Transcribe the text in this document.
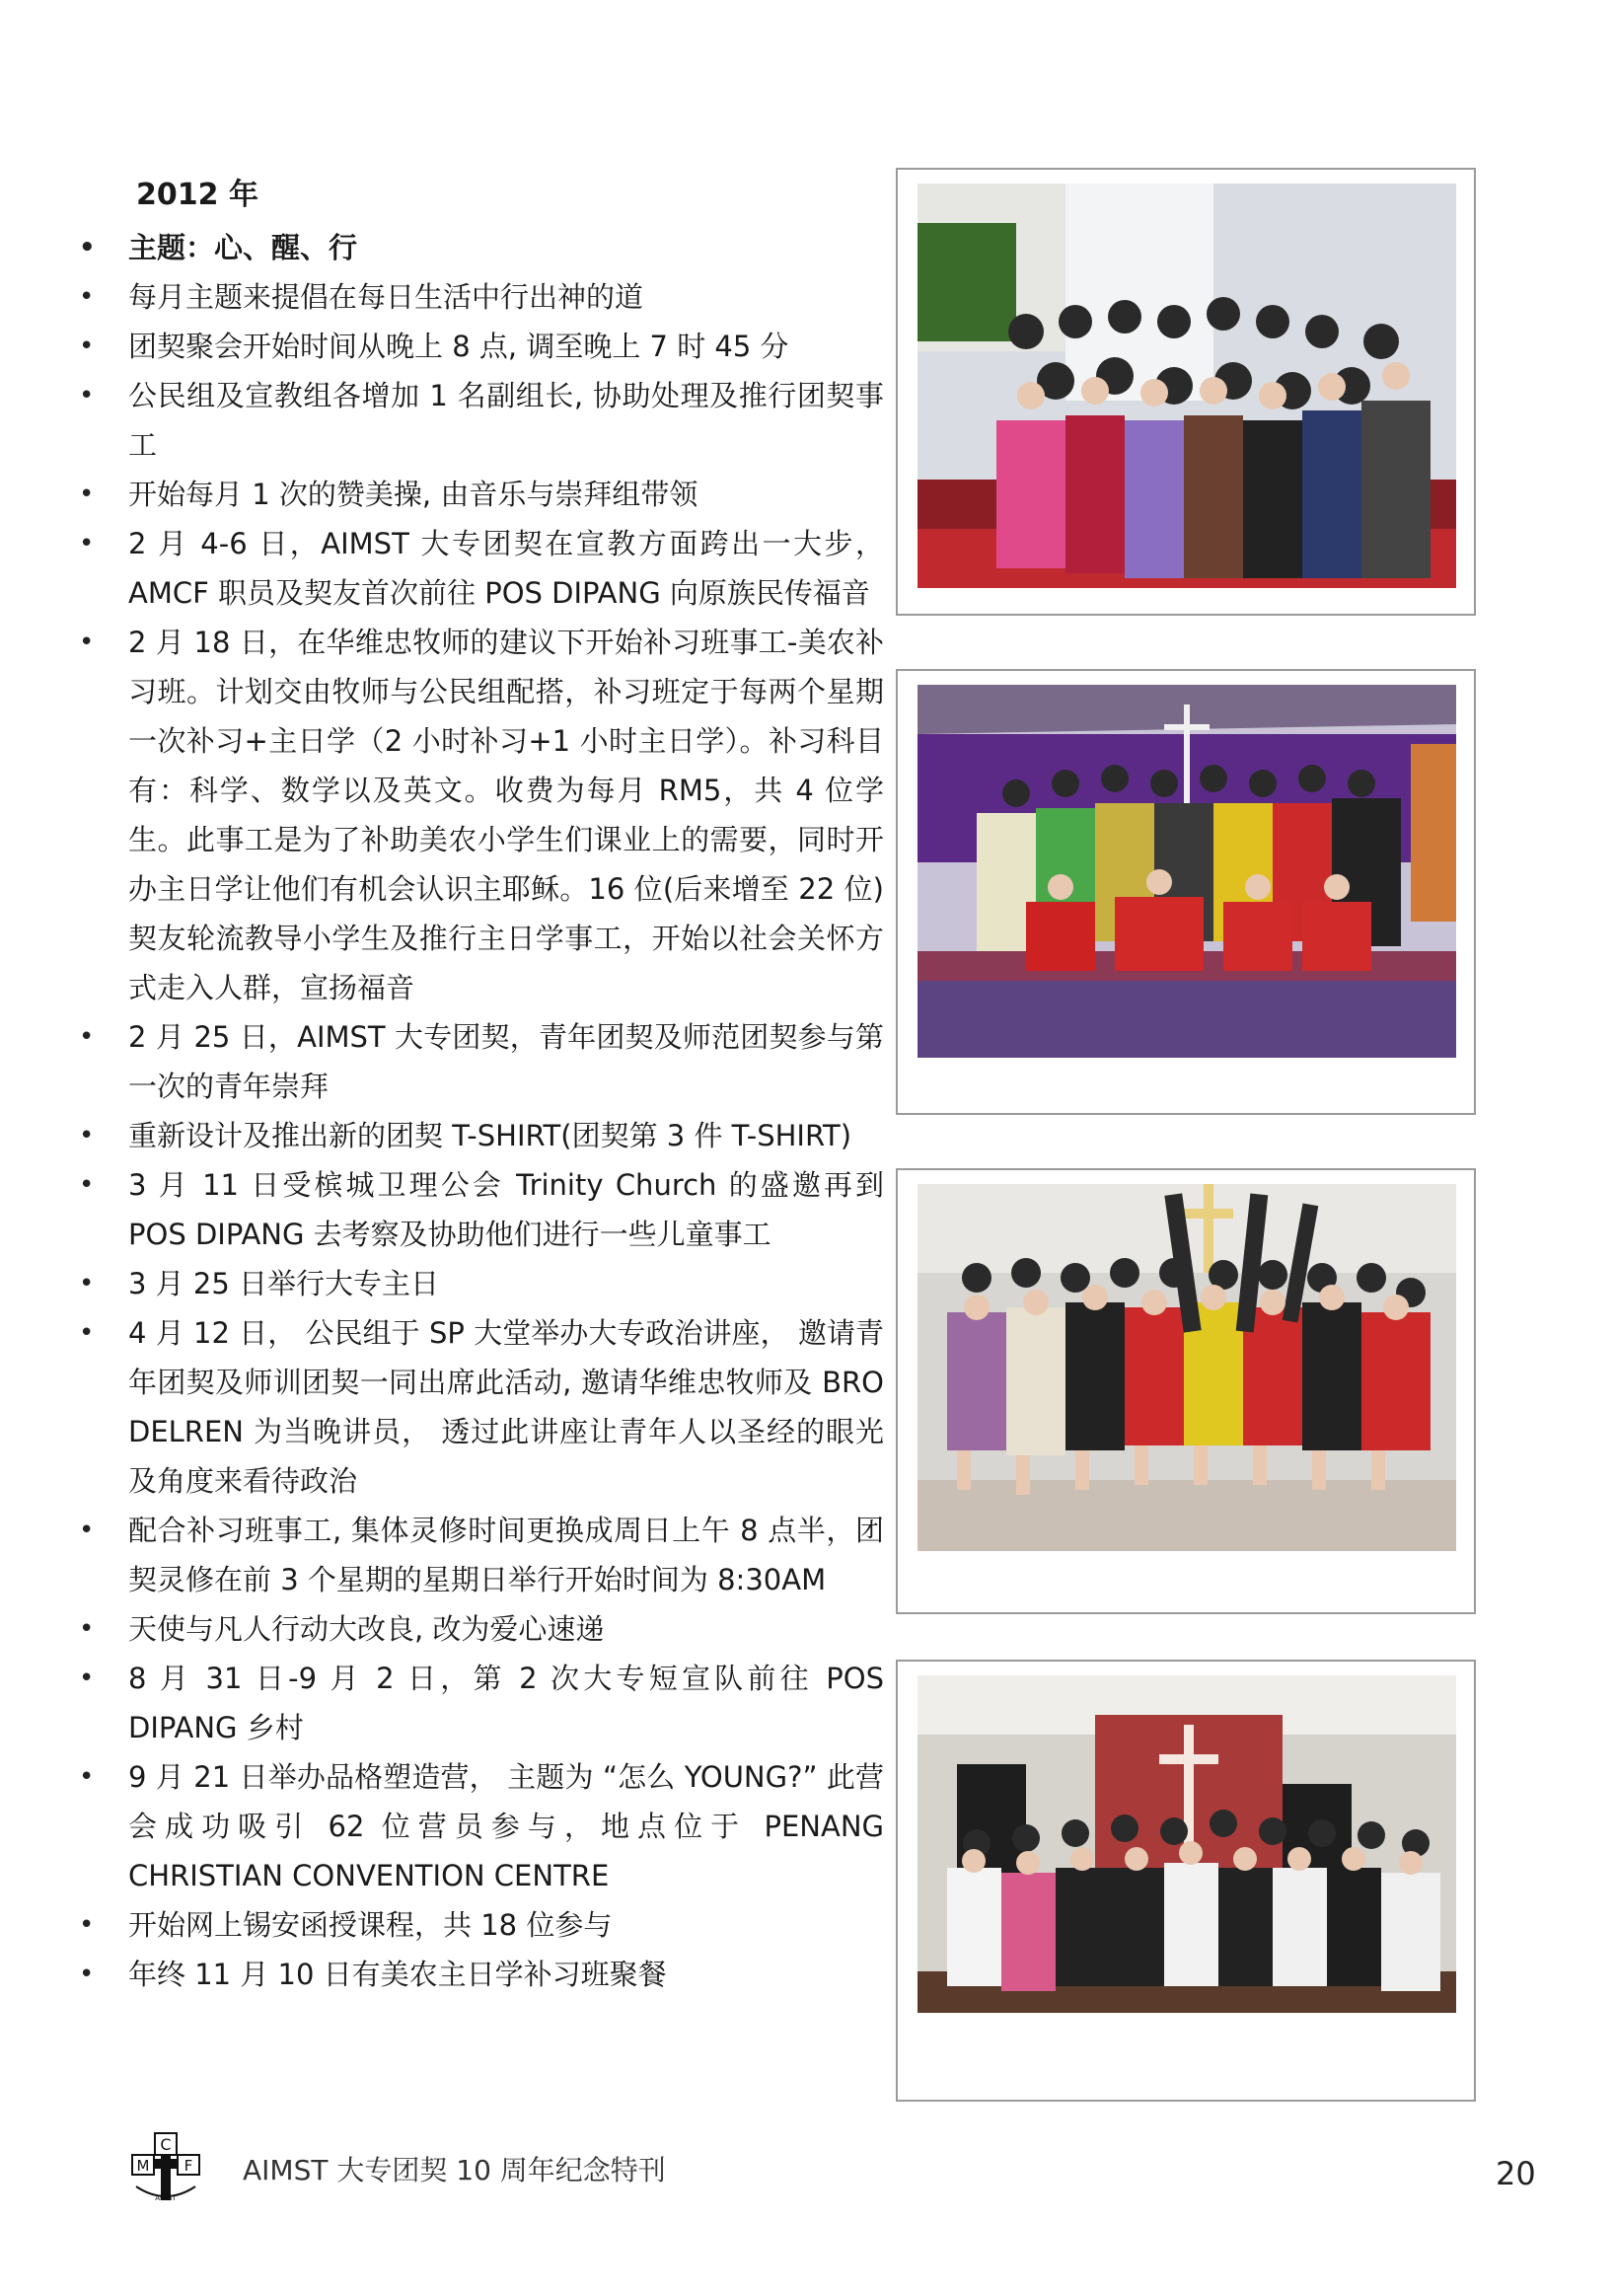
2012 年
• 主题：心、醒、行
• 每月主题来提倡在每日生活中行出神的道
• 团契聚会开始时间从晚上 8 点, 调至晚上 7 时 45 分
• 公民组及宣教组各增加 1 名副组长, 协助处理及推行团契事工
• 开始每月 1 次的赞美操, 由音乐与崇拜组带领
• 2 月 4-6 日，AIMST 大专团契在宣教方面跨出一大步，AMCF 职员及契友首次前往 POS DIPANG 向原族民传福音
• 2 月 18 日，在华维忠牧师的建议下开始补习班事工-美农补习班。计划交由牧师与公民组配搭，补习班定于每两个星期一次补习+主日学（2 小时补习+1 小时主日学）。补习科目有：科学、数学以及英文。收费为每月 RM5，共 4 位学生。此事工是为了补助美农小学生们课业上的需要，同时开办主日学让他们有机会认识主耶稣。16 位(后来增至 22 位)契友轮流教导小学生及推行主日学事工，开始以社会关怀方式走入人群，宣扬福音
• 2 月 25 日，AIMST 大专团契，青年团契及师范团契参与第一次的青年崇拜
• 重新设计及推出新的团契 T-SHIRT(团契第 3 件 T-SHIRT)
• 3 月 11 日受槟城卫理公会 Trinity Church 的盛邀再到 POS DIPANG 去考察及协助他们进行一些儿童事工
• 3 月 25 日举行大专主日
• 4 月 12 日， 公民组于 SP 大堂举办大专政治讲座， 邀请青年团契及师训团契一同出席此活动, 邀请华维忠牧师及 BRO DELREN 为当晚讲员， 透过此讲座让青年人以圣经的眼光及角度来看待政治
• 配合补习班事工, 集体灵修时间更换成周日上午 8 点半，团契灵修在前 3 个星期的星期日举行开始时间为 8:30AM
• 天使与凡人行动大改良, 改为爱心速递
• 8 月 31 日-9 月 2 日，第 2 次大专短宣队前往 POS DIPANG 乡村
• 9 月 21 日举办品格塑造营， 主题为 “怎么 YOUNG?” 此营会成功吸引 62 位营员参与，地点位于 PENANG CHRISTIAN CONVENTION CENTRE
• 开始网上锡安函授课程，共 18 位参与
• 年终 11 月 10 日有美农主日学补习班聚餐
C
M F
AIMST
AIMST 大专团契 10 周年纪念特刊	20
